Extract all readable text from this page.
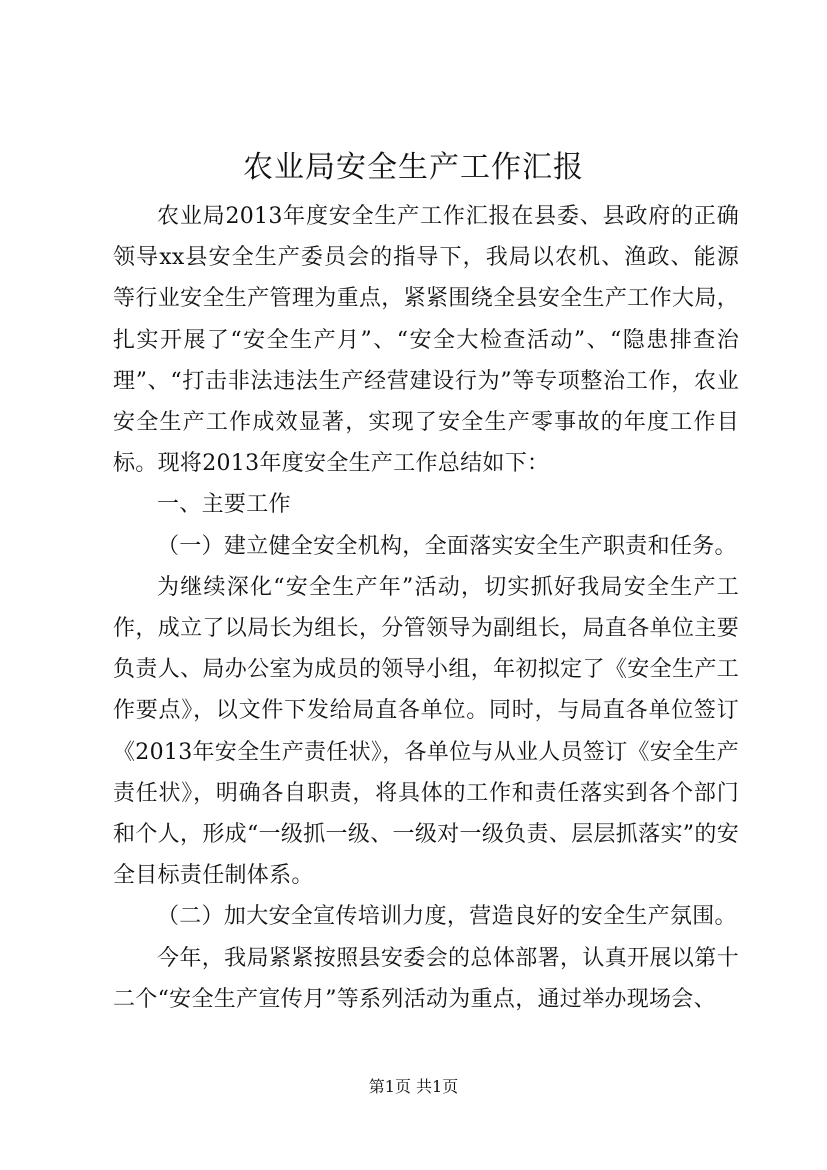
农业局安全生产工作汇报

农业局2013年度安全生产工作汇报在县委、县政府的正确领导xx县安全生产委员会的指导下，我局以农机、渔政、能源等行业安全生产管理为重点，紧紧围绕全县安全生产工作大局，扎实开展了“安全生产月”、“安全大检查活动”、“隐患排查治理”、“打击非法违法生产经营建设行为”等专项整治工作，农业安全生产工作成效显著，实现了安全生产零事故的年度工作目标。现将2013年度安全生产工作总结如下：

一、主要工作

（一）建立健全安全机构，全面落实安全生产职责和任务。

为继续深化“安全生产年”活动，切实抓好我局安全生产工作，成立了以局长为组长，分管领导为副组长，局直各单位主要负责人、局办公室为成员的领导小组，年初拟定了《安全生产工作要点》，以文件下发给局直各单位。同时，与局直各单位签订《2013年安全生产责任状》，各单位与从业人员签订《安全生产责任状》，明确各自职责，将具体的工作和责任落实到各个部门和个人，形成“一级抓一级、一级对一级负责、层层抓落实”的安全目标责任制体系。

（二）加大安全宣传培训力度，营造良好的安全生产氛围。

今年，我局紧紧按照县安委会的总体部署，认真开展以第十二个“安全生产宣传月”等系列活动为重点，通过举办现场会、

第1页 共1页
